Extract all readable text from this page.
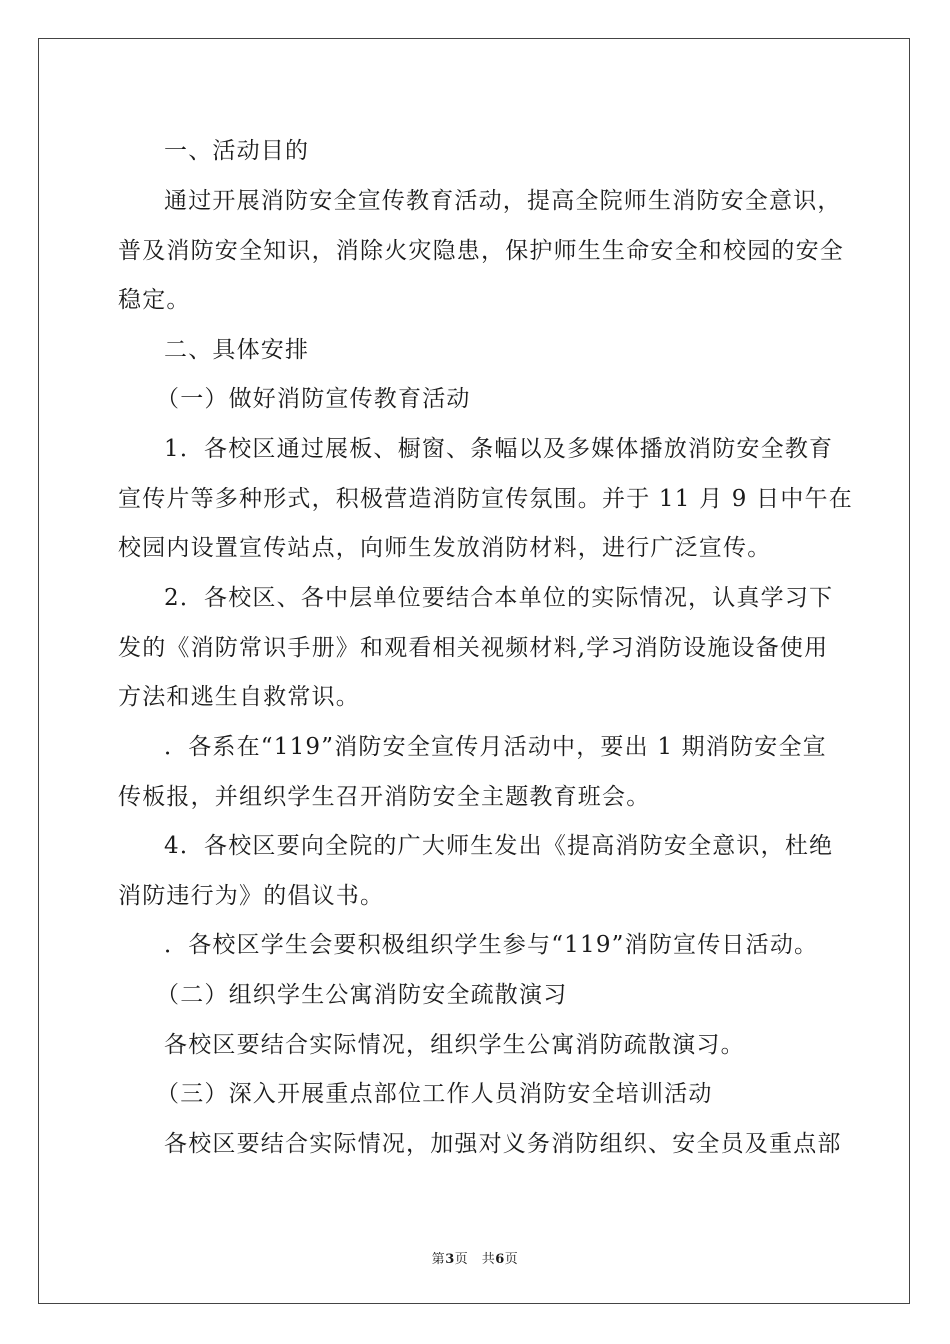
一、活动目的
通过开展消防安全宣传教育活动，提高全院师生消防安全意识，
普及消防安全知识，消除火灾隐患，保护师生生命安全和校园的安全
稳定。
二、具体安排
（一）做好消防宣传教育活动
1．各校区通过展板、橱窗、条幅以及多媒体播放消防安全教育
宣传片等多种形式，积极营造消防宣传氛围。并于 11 月 9 日中午在
校园内设置宣传站点，向师生发放消防材料，进行广泛宣传。
2．各校区、各中层单位要结合本单位的实际情况，认真学习下
发的《消防常识手册》和观看相关视频材料,学习消防设施设备使用
方法和逃生自救常识。
．各系在“119”消防安全宣传月活动中，要出 1 期消防安全宣
传板报，并组织学生召开消防安全主题教育班会。
4．各校区要向全院的广大师生发出《提高消防安全意识，杜绝
消防违行为》的倡议书。
．各校区学生会要积极组织学生参与“119”消防宣传日活动。
（二）组织学生公寓消防安全疏散演习
各校区要结合实际情况，组织学生公寓消防疏散演习。
（三）深入开展重点部位工作人员消防安全培训活动
各校区要结合实际情况，加强对义务消防组织、安全员及重点部
第3页　共6页
